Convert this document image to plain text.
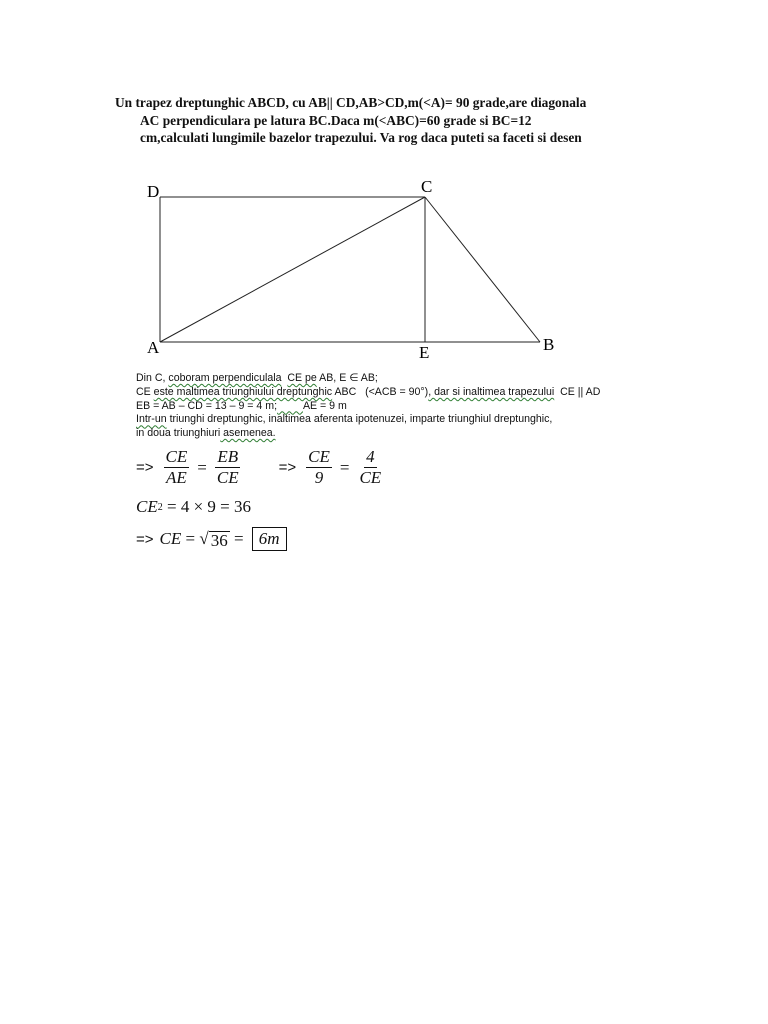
Un trapez dreptunghic ABCD, cu AB|| CD,AB>CD,m(<A)= 90 grade,are diagonala

AC perpendiculara pe latura BC.Daca m(<ABC)=60 grade si BC=12
cm,calculati lungimile bazelor trapezului. Va rog daca puteti sa faceti si desen
D	C
A	E	B
Din C, coboram perpendiculala CE pe AB, E ∈ AB;
CE este maltimea triunghiului dreptunghic ABC   (<ACB = 90°), dar si inaltimea trapezului  CE || AD
EB = AB – CD = 13 – 9 = 4 m; AE = 9 m
Intr-un triunghi dreptunghic, inaltimea aferenta ipotenuzei, imparte triunghiul dreptunghic,
in doua triunghiuri asemenea.
=> $\frac{CE}{AE} = \frac{EB}{CE}$	=> $\frac{CE}{9} = \frac{4}{CE}$
CE 2 = 4 × 9 = 36
=> CE = √ 36 = 6m
